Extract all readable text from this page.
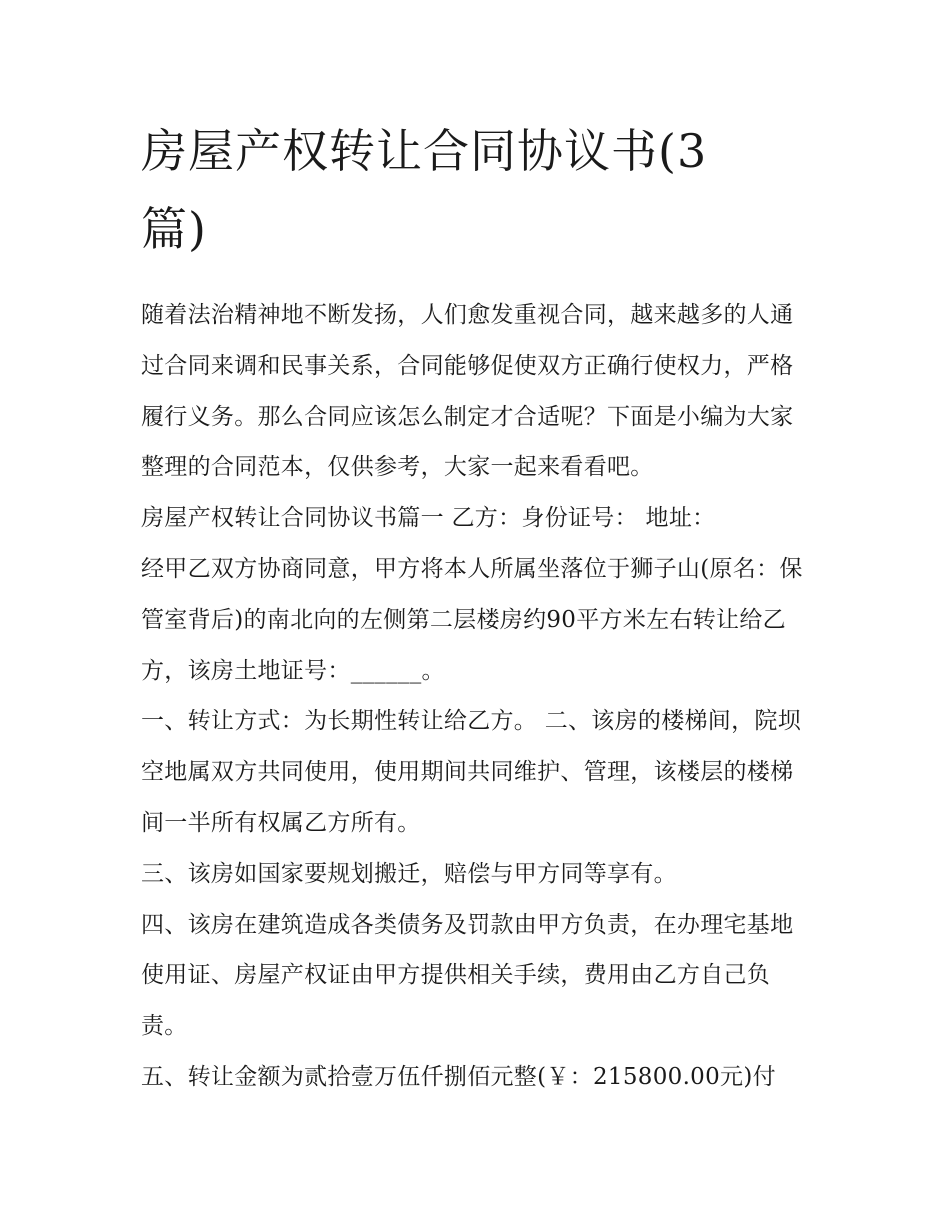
房屋产权转让合同协议书(3篇)

随着法治精神地不断发扬，人们愈发重视合同，越来越多的人通过合同来调和民事关系，合同能够促使双方正确行使权力，严格履行义务。那么合同应该怎么制定才合适呢？下面是小编为大家整理的合同范本，仅供参考，大家一起来看看吧。

房屋产权转让合同协议书篇一 乙方：身份证号： 地址：

经甲乙双方协商同意，甲方将本人所属坐落位于狮子山(原名：保管室背后)的南北向的左侧第二层楼房约90平方米左右转让给乙方，该房土地证号：______。

一、转让方式：为长期性转让给乙方。 二、该房的楼梯间，院坝空地属双方共同使用，使用期间共同维护、管理，该楼层的楼梯间一半所有权属乙方所有。

三、该房如国家要规划搬迁，赔偿与甲方同等享有。

四、该房在建筑造成各类债务及罚款由甲方负责，在办理宅基地使用证、房屋产权证由甲方提供相关手续，费用由乙方自己负责。

五、转让金额为贰拾壹万伍仟捌佰元整(￥：215800.00元)付
